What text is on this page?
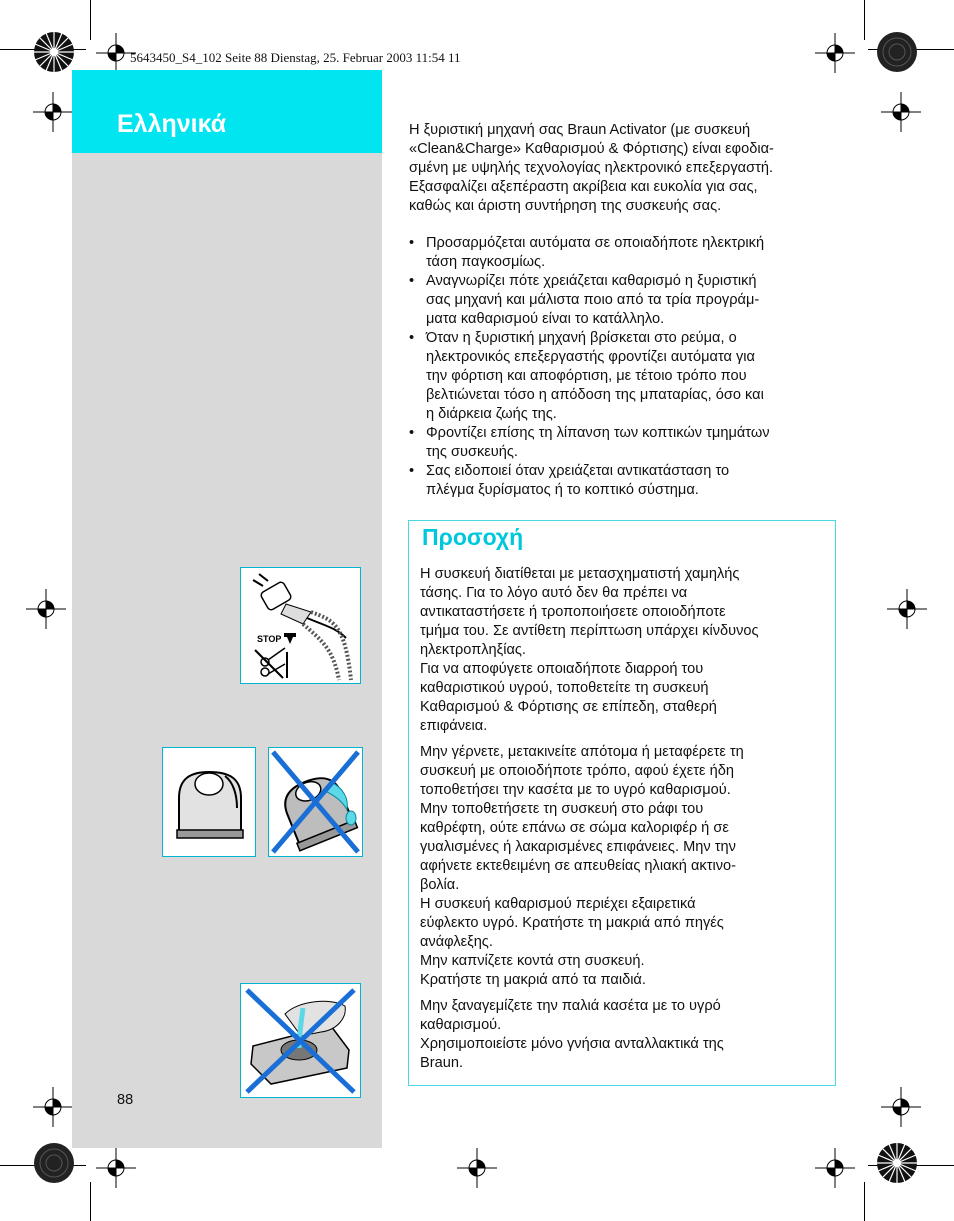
5643450_S4_102 Seite 88 Dienstag, 25. Februar 2003 11:54 11
Ελληνικά
STOP
88
Η ξυριστική μηχανή σας Braun Activator (με συσκευή
«Clean&Charge» Καθαρισμού & Φόρτισης) είναι εφοδια-
σμένη με υψηλής τεχνολογίας ηλεκτρονικό επεξεργαστή.
Εξασφαλίζει αξεπέραστη ακρίβεια και ευκολία για σας,
καθώς και άριστη συντήρηση της συσκευής σας.
• Προσαρμόζεται αυτόματα σε οποιαδήποτε ηλεκτρική
τάση παγκοσμίως.
• Αναγνωρίζει πότε χρειάζεται καθαρισμό η ξυριστική
σας μηχανή και μάλιστα ποιο από τα τρία προγράμ-
ματα καθαρισμού είναι το κατάλληλο.
• Όταν η ξυριστική μηχανή βρίσκεται στο ρεύμα, ο
ηλεκτρονικός επεξεργαστής φροντίζει αυτόματα για
την φόρτιση και αποφόρτιση, με τέτοιο τρόπο που
βελτιώνεται τόσο η απόδοση της μπαταρίας, όσο και
η διάρκεια ζωής της.
• Φροντίζει επίσης τη λίπανση των κοπτικών τμημάτων
της συσκευής.
• Σας ειδοποιεί όταν χρειάζεται αντικατάσταση το
πλέγμα ξυρίσματος ή το κοπτικό σύστημα.
Προσοχή

Η συσκευή διατίθεται με μετασχηματιστή χαμηλής
τάσης. Για το λόγο αυτό δεν θα πρέπει να
αντικαταστήσετε ή τροποποιήσετε οποιοδήποτε
τμήμα του. Σε αντίθετη περίπτωση υπάρχει κίνδυνος
ηλεκτροπληξίας.
Για να αποφύγετε οποιαδήποτε διαρροή του
καθαριστικού υγρού, τοποθετείτε τη συσκευή
Καθαρισμού & Φόρτισης σε επίπεδη, σταθερή
επιφάνεια.

Μην γέρνετε, μετακινείτε απότομα ή μεταφέρετε τη
συσκευή με οποιοδήποτε τρόπο, αφού έχετε ήδη
τοποθετήσει την κασέτα με το υγρό καθαρισμού.
Μην τοποθετήσετε τη συσκευή στο ράφι του
καθρέφτη, ούτε επάνω σε σώμα καλοριφέρ ή σε
γυαλισμένες ή λακαρισμένες επιφάνειες. Μην την
αφήνετε εκτεθειμένη σε απευθείας ηλιακή ακτινο-
βολία.
Η συσκευή καθαρισμού περιέχει εξαιρετικά
εύφλεκτο υγρό. Κρατήστε τη μακριά από πηγές
ανάφλεξης.
Μην καπνίζετε κοντά στη συσκευή.
Κρατήστε τη μακριά από τα παιδιά.

Μην ξαναγεμίζετε την παλιά κασέτα με το υγρό
καθαρισμού.
Χρησιμοποιείστε μόνο γνήσια ανταλλακτικά της
Braun.
